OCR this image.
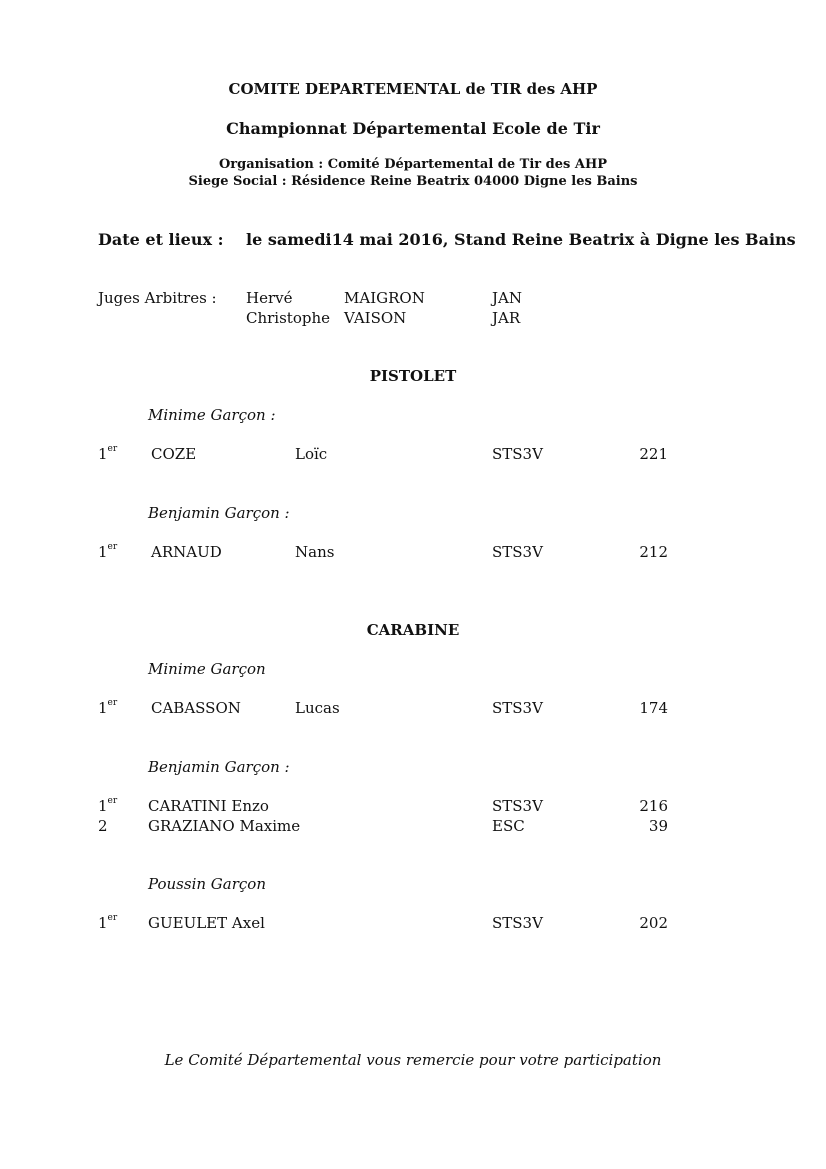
COMITE DEPARTEMENTAL de TIR des AHP
Championnat Départemental Ecole de Tir
Organisation : Comité Départemental de Tir des AHP
Siege Social : Résidence Reine Beatrix 04000 Digne les Bains
Date et lieux : le samedi14 mai 2016, Stand Reine Beatrix à Digne les Bains
Juges Arbitres : Hervé	MAIGRON	JAN
Christophe VAISON	JAR
PISTOLET
Minime Garçon :
1er COZE	Loïc	STS3V	221
Benjamin Garçon :
1er ARNAUD	Nans	STS3V	212
CARABINE
Minime Garçon
1er CABASSON	Lucas	STS3V	174
Benjamin Garçon :
1er CARATINI Enzo	STS3V	216
2	GRAZIANO Maxime	ESC	39
Poussin Garçon
1er GUEULET Axel	STS3V	202
Le Comité Départemental vous remercie pour votre participation
